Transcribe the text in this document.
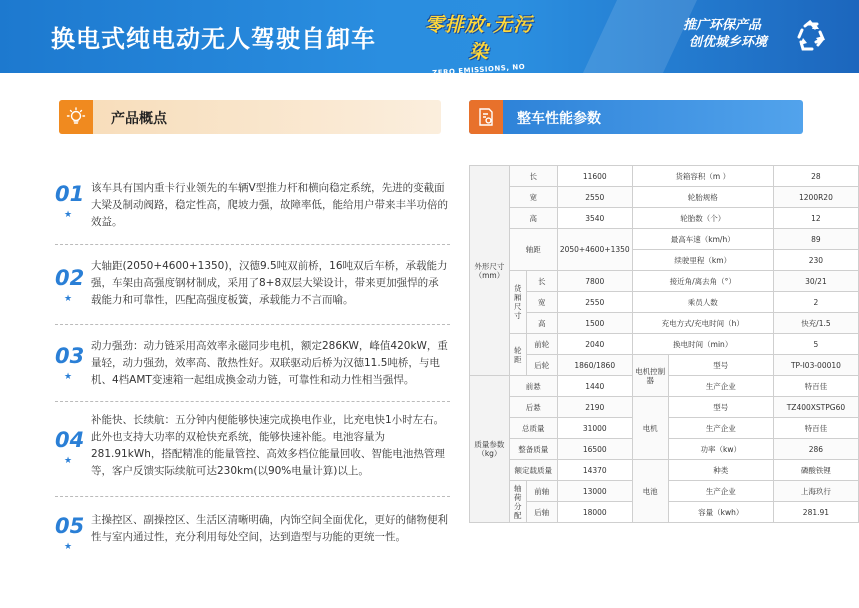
换电式纯电动无人驾驶自卸车	零排放·无污染
ZERO EMISSIONS, NO POLLUTION
推广环保产品
创优城乡环境
产品概点	整车性能参数
01
★
该车具有国内重卡行业领先的车辆V型推力杆和横向稳定系统，先进的变截面大梁及制动阀路，稳定性高，爬坡力强，故障率低，能给用户带来丰半功倍的效益。
02
★
大轴距(2050+4600+1350)，汉德9.5吨双前桥，16吨双后车桥，承载能力强，车架由高强度钢材制成，采用了8+8双层大梁设计，带来更加强悍的承载能力和可靠性，匹配高强度板簧，承载能力不言而喻。
03
★
动力强劲：动力链采用高效率永磁同步电机，额定286KW，峰值420kW，重量轻，动力强劲，效率高、散热性好。双联驱动后桥为汉德11.5吨桥，与电机、4档AMT变速箱一起组成換金动力链，可靠性和动力性相当强悍。
04
★
补能快、长续航：五分钟内便能够快速完成换电作业，比充电快1小时左右。此外也支持大功率的双枪快充系统，能够快速补能。电池容量为281.91kWh，搭配精准的能量管控、高效多档位能量回收、智能电池热管理等，客户反馈实际续航可达230km(以90%电量计算)以上。
05
★
主操控区、副操控区、生活区清晰明确，内饰空间全面优化，更好的储物便利性与室内通过性，充分利用每处空间，达到造型与功能的更统一性。
外形尺寸（mm）	长		11600	货箱容积（m ）		28
	宽		2550	轮胎规格		1200R20
	高		3540	轮胎数（个）		12
	轴距		2050+4600+1350	最高车速（km/h）		89
				续驶里程（km）		230
	货厢尺寸	长	7800	接近角/离去角（°）		30/21
		宽	2550	乘员人数		2
		高	1500	充电方式/充电时间（h）		快充/1.5
	轮距	前轮	2040	换电时间（min）		5
		后轮	1860/1860	电机控制器	型号	TP-I03-00010
质量参数（kg）	前悬		1440		生产企业	特百佳
	后悬		2190	电机	型号	TZ400XSTPG60
	总质量		31000		生产企业	特百佳
	整备质量		16500		功率（kw）	286
	额定载质量		14370	电池	种类	磷酸铁锂
	轴荷分配	前轴	13000		生产企业	上海玖行
		后轴	18000		容量（kwh）	281.91
